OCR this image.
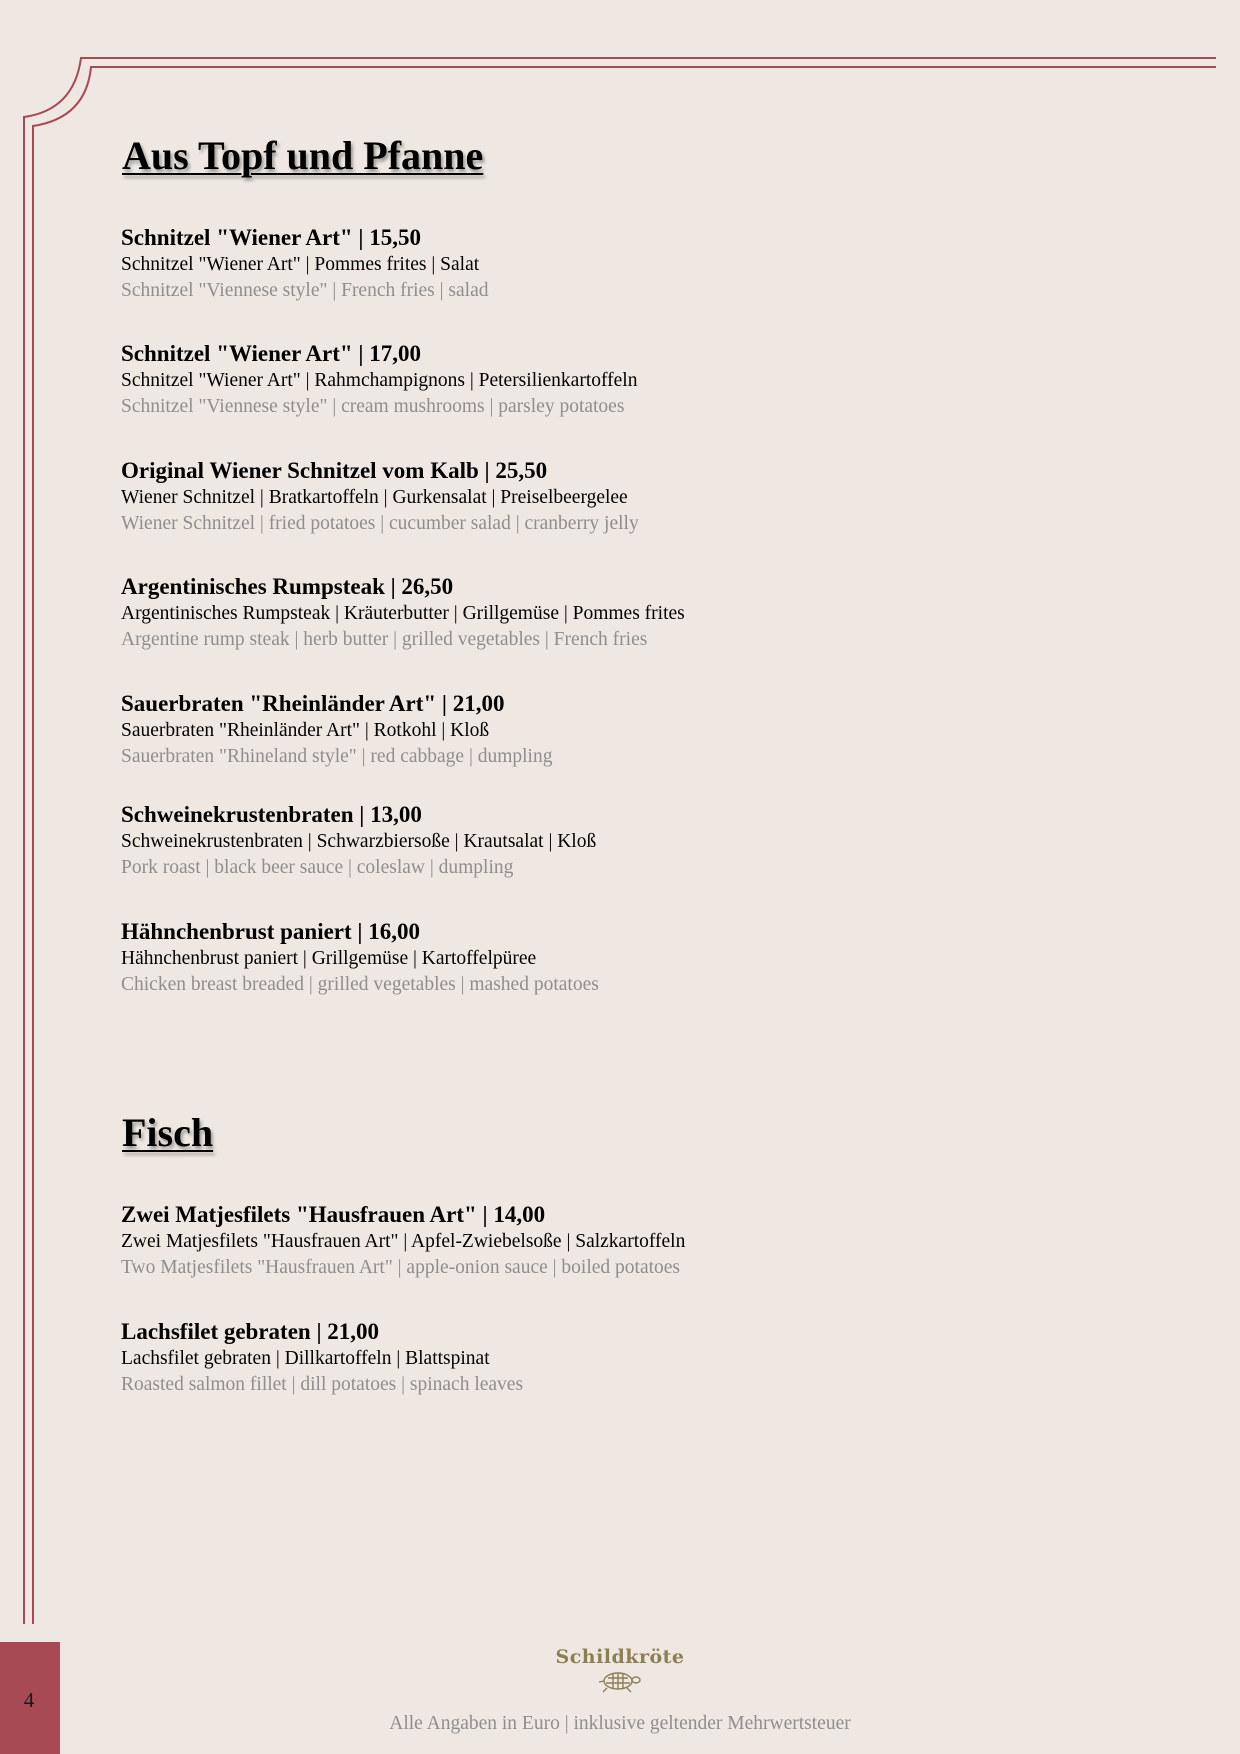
Aus Topf und Pfanne
Schnitzel "Wiener Art" | 15,50
Schnitzel "Wiener Art" | Pommes frites | Salat
Schnitzel "Viennese style" | French fries | salad
Schnitzel "Wiener Art" | 17,00
Schnitzel "Wiener Art" | Rahmchampignons | Petersilienkartoffeln
Schnitzel "Viennese style" | cream mushrooms | parsley potatoes
Original Wiener Schnitzel vom Kalb | 25,50
Wiener Schnitzel | Bratkartoffeln | Gurkensalat | Preiselbeergelee
Wiener Schnitzel | fried potatoes | cucumber salad | cranberry jelly
Argentinisches Rumpsteak | 26,50
Argentinisches Rumpsteak | Kräuterbutter | Grillgemüse | Pommes frites
Argentine rump steak | herb butter | grilled vegetables | French fries
Sauerbraten "Rheinländer Art" | 21,00
Sauerbraten "Rheinländer Art" | Rotkohl | Kloß
Sauerbraten "Rhineland style" | red cabbage | dumpling
Schweinekrustenbraten | 13,00
Schweinekrustenbraten | Schwarzbiersoße | Krautsalat | Kloß
Pork roast | black beer sauce | coleslaw | dumpling
Hähnchenbrust paniert | 16,00
Hähnchenbrust paniert | Grillgemüse | Kartoffelpüree
Chicken breast breaded | grilled vegetables | mashed potatoes
Fisch
Zwei Matjesfilets "Hausfrauen Art" | 14,00
Zwei Matjesfilets "Hausfrauen Art" | Apfel-Zwiebelsoße | Salzkartoffeln
Two Matjesfilets "Hausfrauen Art" | apple-onion sauce | boiled potatoes
Lachsfilet gebraten | 21,00
Lachsfilet gebraten | Dillkartoffeln | Blattspinat
Roasted salmon fillet | dill potatoes | spinach leaves
4
Schildkröte
Alle Angaben in Euro | inklusive geltender Mehrwertsteuer
